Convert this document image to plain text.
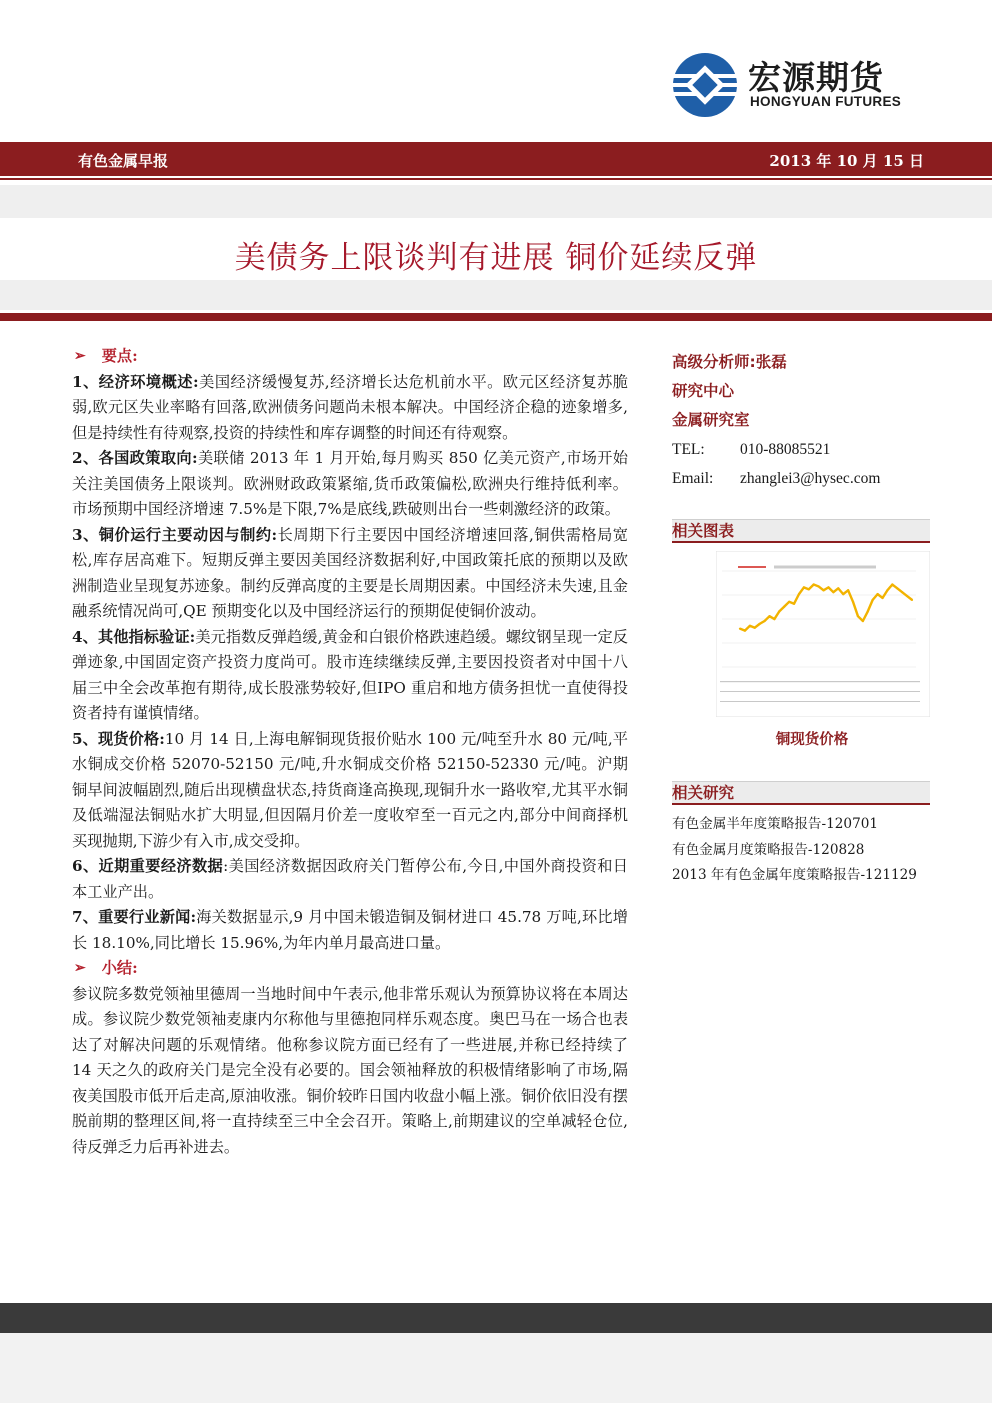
宏源期货
HONGYUAN FUTURES
有色金属早报	2013 年 10 月 15 日
美债务上限谈判有进展 铜价延续反弹

➢ 要点:

1、经济环境概述:美国经济缓慢复苏,经济增长达危机前水平。欧元区经济复苏脆弱,欧元区失业率略有回落,欧洲债务问题尚未根本解决。中国经济企稳的迹象增多,但是持续性有待观察,投资的持续性和库存调整的时间还有待观察。

2、各国政策取向:美联储 2013 年 1 月开始,每月购买 850 亿美元资产,市场开始关注美国债务上限谈判。欧洲财政政策紧缩,货币政策偏松,欧洲央行维持低利率。市场预期中国经济增速 7.5%是下限,7%是底线,跌破则出台一些刺激经济的政策。

3、铜价运行主要动因与制约:长周期下行主要因中国经济增速回落,铜供需格局宽松,库存居高难下。短期反弹主要因美国经济数据利好,中国政策托底的预期以及欧洲制造业呈现复苏迹象。制约反弹高度的主要是长周期因素。中国经济未失速,且金融系统情况尚可,QE 预期变化以及中国经济运行的预期促使铜价波动。

4、其他指标验证:美元指数反弹趋缓,黄金和白银价格跌速趋缓。螺纹钢呈现一定反弹迹象,中国固定资产投资力度尚可。股市连续继续反弹,主要因投资者对中国十八届三中全会改革抱有期待,成长股涨势较好,但IPO 重启和地方债务担忧一直使得投资者持有谨慎情绪。

5、现货价格:10 月 14 日,上海电解铜现货报价贴水 100 元/吨至升水 80 元/吨,平水铜成交价格 52070-52150 元/吨,升水铜成交价格 52150-52330 元/吨。沪期铜早间波幅剧烈,随后出现横盘状态,持货商逢高换现,现铜升水一路收窄,尤其平水铜及低端湿法铜贴水扩大明显,但因隔月价差一度收窄至一百元之内,部分中间商择机买现抛期,下游少有入市,成交受抑。

6、近期重要经济数据:美国经济数据因政府关门暂停公布,今日,中国外商投资和日本工业产出。

7、重要行业新闻:海关数据显示,9 月中国未锻造铜及铜材进口 45.78 万吨,环比增长 18.10%,同比增长 15.96%,为年内单月最高进口量。

➢ 小结:

参议院多数党领袖里德周一当地时间中午表示,他非常乐观认为预算协议将在本周达成。参议院少数党领袖麦康内尔称他与里德抱同样乐观态度。奥巴马在一场合也表达了对解决问题的乐观情绪。他称参议院方面已经有了一些进展,并称已经持续了 14 天之久的政府关门是完全没有必要的。国会领袖释放的积极情绪影响了市场,隔夜美国股市低开后走高,原油收涨。铜价较昨日国内收盘小幅上涨。铜价依旧没有摆脱前期的整理区间,将一直持续至三中全会召开。策略上,前期建议的空单减轻仓位,待反弹乏力后再补进去。

高级分析师:张磊
研究中心
金属研究室
TEL: 010-88085521
Email: zhanglei3@hysec.com
相关图表
铜现货价格
相关研究
有色金属半年度策略报告-120701
有色金属月度策略报告-120828
2013 年有色金属年度策略报告-121129
